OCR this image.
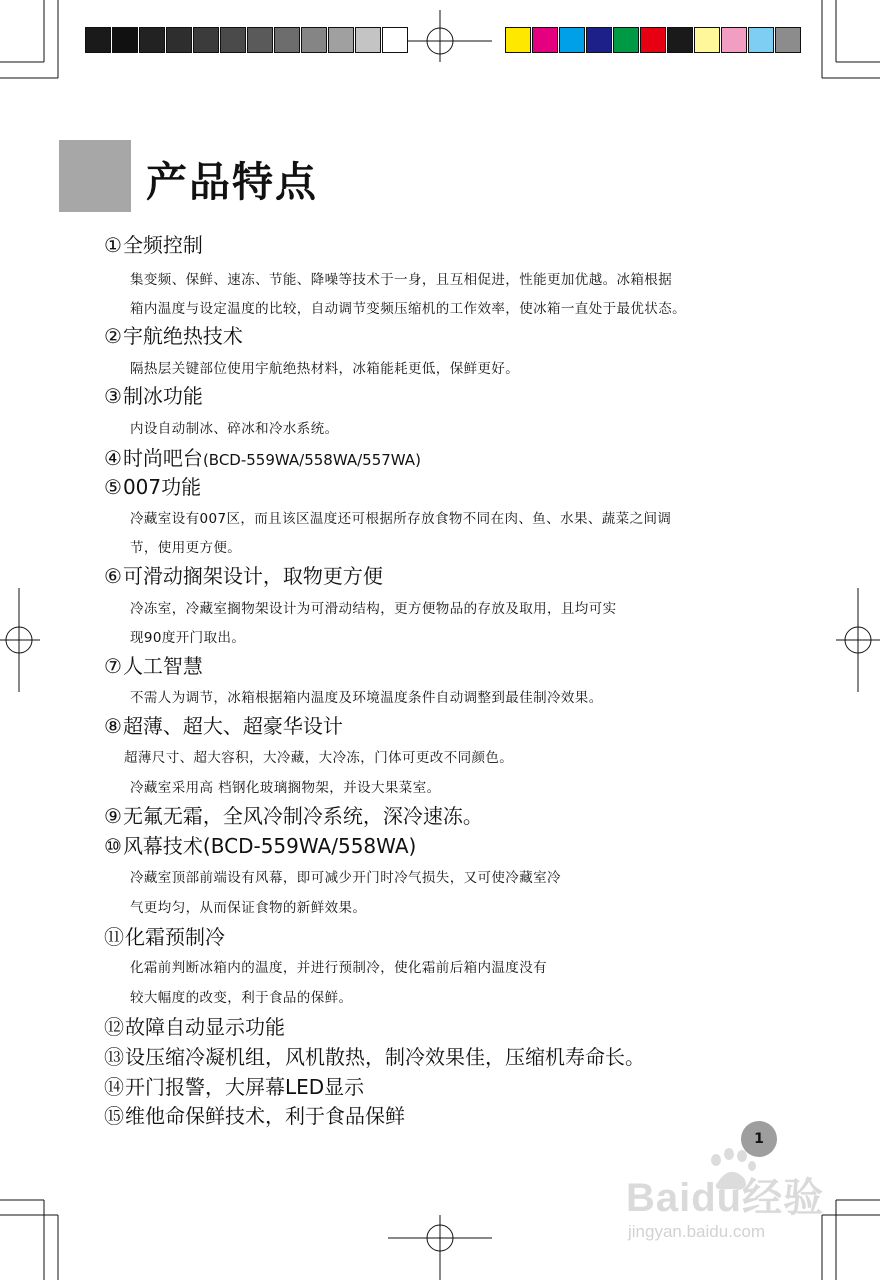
产品特点
①全频控制

集变频、保鲜、速冻、节能、降噪等技术于一身，且互相促进，性能更加优越。冰箱根据

箱内温度与设定温度的比较，自动调节变频压缩机的工作效率，使冰箱一直处于最优状态。

②宇航绝热技术

隔热层关键部位使用宇航绝热材料，冰箱能耗更低，保鲜更好。

③制冰功能

内设自动制冰、碎冰和冷水系统。

④时尚吧台(BCD-559WA/558WA/557WA)
⑤007功能

冷藏室设有007区，而且该区温度还可根据所存放食物不同在肉、鱼、水果、蔬菜之间调

节，使用更方便。

⑥可滑动搁架设计，取物更方便

冷冻室，冷藏室搁物架设计为可滑动结构，更方便物品的存放及取用，且均可实

现90度开门取出。

⑦人工智慧

不需人为调节，冰箱根据箱内温度及环境温度条件自动调整到最佳制冷效果。

⑧超薄、超大、超豪华设计

超薄尺寸、超大容积，大冷藏，大冷冻，门体可更改不同颜色。

冷藏室采用高 档钢化玻璃搁物架，并设大果菜室。

⑨无氟无霜，全风冷制冷系统，深冷速冻。
⑩风幕技术(BCD-559WA/558WA)

冷藏室顶部前端设有风幕，即可减少开门时冷气损失，又可使冷藏室冷

气更均匀，从而保证食物的新鲜效果。

⑪化霜预制冷

化霜前判断冰箱内的温度，并进行预制冷，使化霜前后箱内温度没有

较大幅度的改变，利于食品的保鲜。

⑫故障自动显示功能
⑬设压缩冷凝机组，风机散热，制冷效果佳，压缩机寿命长。
⑭开门报警，大屏幕LED显示
⑮维他命保鲜技术，利于食品保鲜
1
Baidu经验
jingyan.baidu.com
